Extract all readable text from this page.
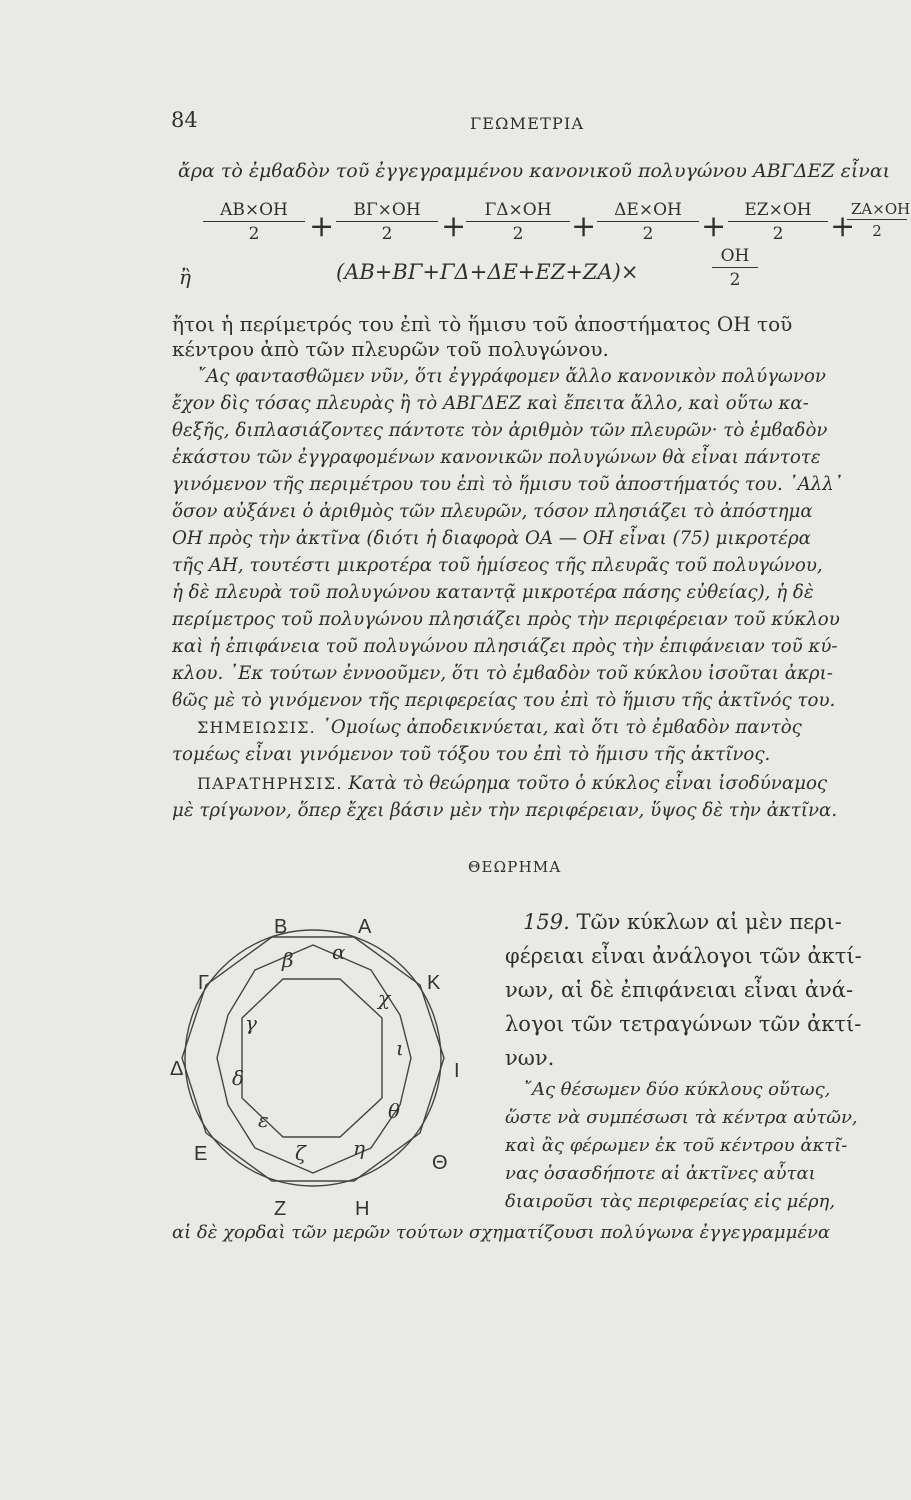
84	ΓΕΩΜΕΤΡΙΑ
ἄρα τὸ ἐμϐαδὸν τοῦ ἐγγεγραμμένου κανονικοῦ πολυγώνου ΑΒΓΔΕΖ εἶναι
$\frac{AB\times OH}{2} + \frac{B\Gamma\times OH}{2} + \frac{\Gamma\Delta\times OH}{2} + \frac{\Delta E\times OH}{2} + \frac{EZ\times OH}{2}$ +
$\frac{ZA\times OH}{2}$
ἢ	(ΑΒ+ΒΓ+ΓΔ+ΔΕ+ΕΖ+ΖΑ)×	$\frac{OH}{2}$
ἤτοι ἡ περίμετρός του ἐπὶ τὸ ἥμισυ τοῦ ἀποστήματος ΟΗ τοῦ
κέντρου ἀπὸ τῶν πλευρῶν τοῦ πολυγώνου.
῎Ας φαντασθῶμεν νῦν, ὅτι ἐγγράφομεν ἄλλο κανονικὸν πολύγωνον
ἔχον δὶς τόσας πλευρὰς ἢ τὸ ΑΒΓΔΕΖ καὶ ἔπειτα ἄλλο, καὶ οὕτω κα-
θεξῆς, διπλασιάζοντες πάντοτε τὸν ἀριθμὸν τῶν πλευρῶν· τὸ ἐμϐαδὸν
ἑκάστου τῶν ἐγγραφομένων κανονικῶν πολυγώνων θὰ εἶναι πάντοτε
γινόμενον τῆς περιμέτρου του ἐπὶ τὸ ἥμισυ τοῦ ἀποστήματός του. ᾿Αλλ᾿
ὅσον αὐξάνει ὁ ἀριθμὸς τῶν πλευρῶν, τόσον πλησιάζει τὸ ἀπόστημα
ΟΗ πρὸς τὴν ἀκτῖνα (διότι ἡ διαφορὰ ΟΑ — ΟΗ εἶναι (75) μικροτέρα
τῆς ΑΗ, τουτέστι μικροτέρα τοῦ ἡμίσεος τῆς πλευρᾶς τοῦ πολυγώνου,
ἡ δὲ πλευρὰ τοῦ πολυγώνου καταντᾷ μικροτέρα πάσης εὐθείας), ἡ δὲ
περίμετρος τοῦ πολυγώνου πλησιάζει πρὸς τὴν περιφέρειαν τοῦ κύκλου
καὶ ἡ ἐπιφάνεια τοῦ πολυγώνου πλησιάζει πρὸς τὴν ἐπιφάνειαν τοῦ κύ-
κλου. ᾿Εκ τούτων ἐννοοῦμεν, ὅτι τὸ ἐμϐαδὸν τοῦ κύκλου ἰσοῦται ἀκρι-
ϐῶς μὲ τὸ γινόμενον τῆς περιφερείας του ἐπὶ τὸ ἥμισυ τῆς ἀκτῖνός του.
ΣΗΜΕΙΩΣΙΣ. ῾Ομοίως ἀποδεικνύεται, καὶ ὅτι τὸ ἐμϐαδὸν παντὸς
τομέως εἶναι γινόμενον τοῦ τόξου του ἐπὶ τὸ ἥμισυ τῆς ἀκτῖνος.
ΠΑΡΑΤΗΡΗΣΙΣ. Κατὰ τὸ θεώρημα τοῦτο ὁ κύκλος εἶναι ἰσοδύναμος
μὲ τρίγωνον, ὅπερ ἔχει βάσιν μὲν τὴν περιφέρειαν, ὕψος δὲ τὴν ἀκτῖνα.
ΘΕΩΡΗΜΑ
Β	Α
Κ
Ι
Θ
Η
Ζ
Ε
Δ
Γ
β α
χ
ι
θ
η
ζ
ε
δ
γ
159. Τῶν κύκλων αἱ μὲν περι-
φέρειαι εἶναι ἀνάλογοι τῶν ἀκτί-
νων, αἱ δὲ ἐπιφάνειαι εἶναι ἀνά-
λογοι τῶν τετραγώνων τῶν ἀκτί-
νων.
῎Ας θέσωμεν δύο κύκλους οὕτως,
ὥστε νὰ συμπέσωσι τὰ κέντρα αὐτῶν,
καὶ ἂς φέρωμεν ἐκ τοῦ κέντρου ἀκτῖ-
νας ὁσασδήποτε αἱ ἀκτῖνες αὗται
διαιροῦσι τὰς περιφερείας εἰς μέρη,
αἱ δὲ χορδαὶ τῶν μερῶν τούτων σχηματίζουσι πολύγωνα ἐγγεγραμμένα
